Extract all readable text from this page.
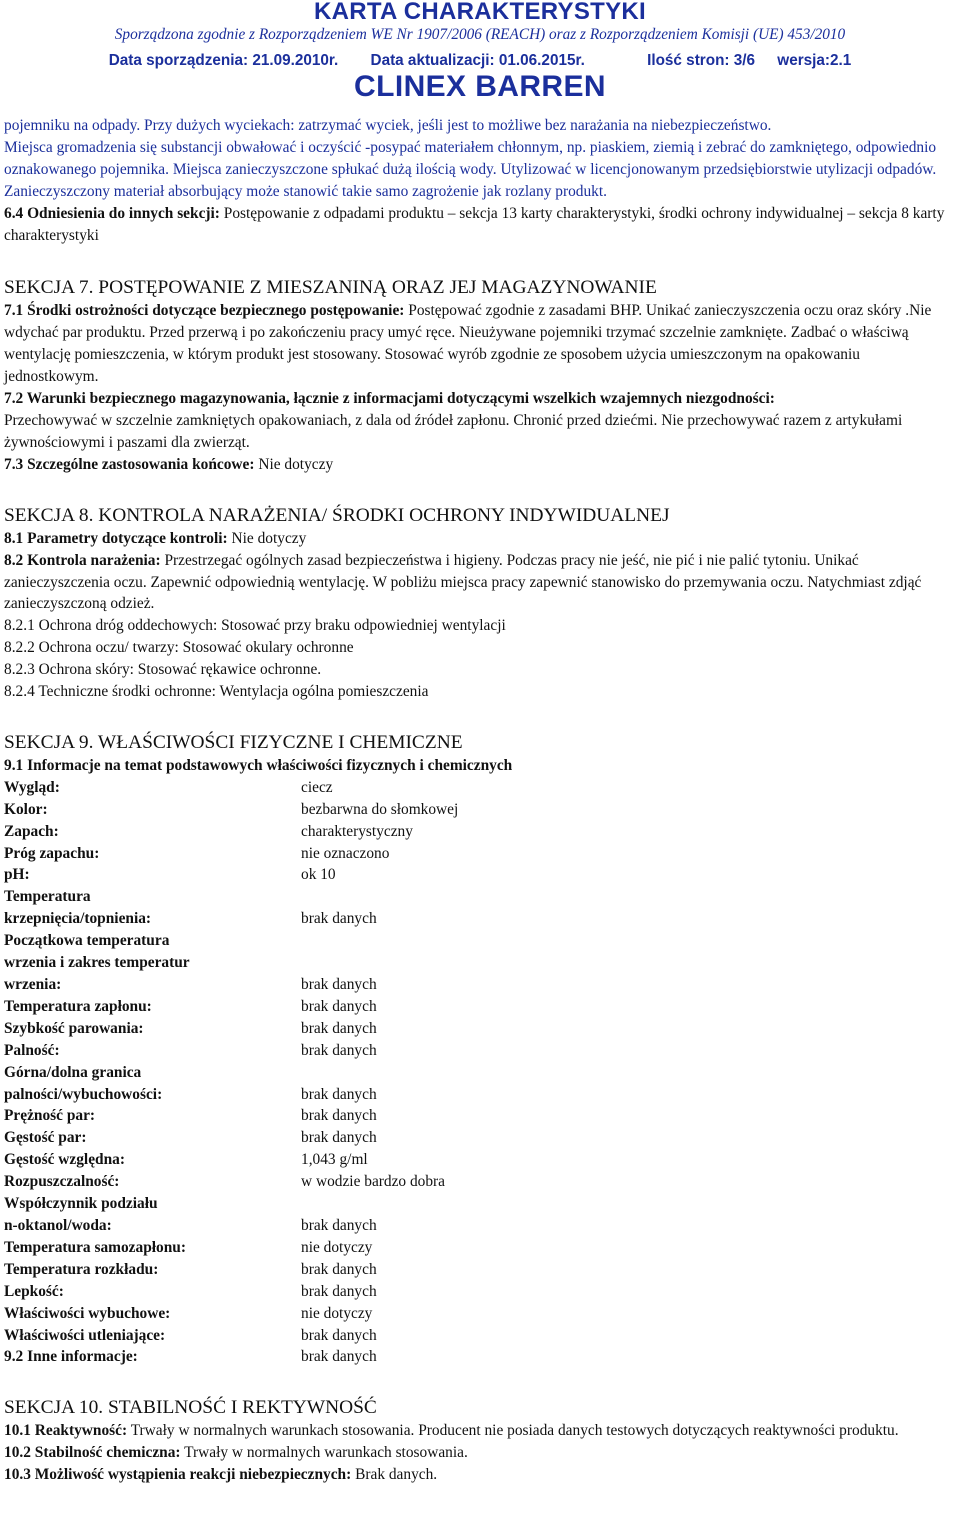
KARTA CHARAKTERYSTYKI
Sporządzona zgodnie z Rozporządzeniem WE Nr 1907/2006 (REACH) oraz z Rozporządzeniem Komisji (UE) 453/2010
Data sporządzenia: 21.09.2010r. Data aktualizacji: 01.06.2015r.	Ilość stron: 3/6 wersja:2.1
CLINEX BARREN

pojemniku na odpady. Przy dużych wyciekach: zatrzymać wyciek, jeśli jest to możliwe bez narażania na niebezpieczeństwo.

Miejsca gromadzenia się substancji obwałować i oczyścić -posypać materiałem chłonnym, np. piaskiem, ziemią i zebrać do zamkniętego, odpowiednio oznakowanego pojemnika. Miejsca zanieczyszczone spłukać dużą ilością wody. Utylizować w licencjonowanym przedsiębiorstwie utylizacji odpadów. Zanieczyszczony materiał absorbujący może stanowić takie samo zagrożenie jak rozlany produkt.

6.4 Odniesienia do innych sekcji: Postępowanie z odpadami produktu – sekcja 13 karty charakterystyki, środki ochrony indywidualnej – sekcja 8 karty charakterystyki

SEKCJA 7. POSTĘPOWANIE Z MIESZANINĄ ORAZ JEJ MAGAZYNOWANIE

7.1 Środki ostrożności dotyczące bezpiecznego postępowanie: Postępować zgodnie z zasadami BHP. Unikać zanieczyszczenia oczu oraz skóry .Nie wdychać par produktu. Przed przerwą i po zakończeniu pracy umyć ręce. Nieużywane pojemniki trzymać szczelnie zamknięte. Zadbać o właściwą wentylację pomieszczenia, w którym produkt jest stosowany. Stosować wyrób zgodnie ze sposobem użycia umieszczonym na opakowaniu jednostkowym.

7.2 Warunki bezpiecznego magazynowania, łącznie z informacjami dotyczącymi wszelkich wzajemnych niezgodności:
Przechowywać w szczelnie zamkniętych opakowaniach, z dala od źródeł zapłonu. Chronić przed dziećmi. Nie przechowywać razem z artykułami żywnościowymi i paszami dla zwierząt.

7.3 Szczególne zastosowania końcowe: Nie dotyczy

SEKCJA 8. KONTROLA NARAŻENIA/ ŚRODKI OCHRONY INDYWIDUALNEJ

8.1 Parametry dotyczące kontroli: Nie dotyczy

8.2 Kontrola narażenia: Przestrzegać ogólnych zasad bezpieczeństwa i higieny. Podczas pracy nie jeść, nie pić i nie palić tytoniu. Unikać zanieczyszczenia oczu. Zapewnić odpowiednią wentylację. W pobliżu miejsca pracy zapewnić stanowisko do przemywania oczu. Natychmiast zdjąć zanieczyszczoną odzież.

8.2.1 Ochrona dróg oddechowych: Stosować przy braku odpowiedniej wentylacji

8.2.2 Ochrona oczu/ twarzy: Stosować okulary ochronne

8.2.3 Ochrona skóry: Stosować rękawice ochronne.

8.2.4 Techniczne środki ochronne: Wentylacja ogólna pomieszczenia

SEKCJA 9. WŁAŚCIWOŚCI FIZYCZNE I CHEMICZNE

9.1 Informacje na temat podstawowych właściwości fizycznych i chemicznych

Wygląd:	ciecz
Kolor:	bezbarwna do słomkowej
Zapach:	charakterystyczny
Próg zapachu:	nie oznaczono
pH:	ok 10
Temperatura
krzepnięcia/topnienia:	brak danych
Początkowa temperatura
wrzenia i zakres temperatur
wrzenia:	brak danych
Temperatura zapłonu:	brak danych
Szybkość parowania:	brak danych
Palność:	brak danych
Górna/dolna granica
palności/wybuchowości:	brak danych
Prężność par:	brak danych
Gęstość par:	brak danych
Gęstość względna:	1,043 g/ml
Rozpuszczalność:	w wodzie bardzo dobra
Współczynnik podziału
n-oktanol/woda:	brak danych
Temperatura samozapłonu:	nie dotyczy
Temperatura rozkładu:	brak danych
Lepkość:	brak danych
Właściwości wybuchowe:	nie dotyczy
Właściwości utleniające:	brak danych
9.2 Inne informacje:	brak danych
SEKCJA 10. STABILNOŚĆ I REKTYWNOŚĆ

10.1 Reaktywność: Trwały w normalnych warunkach stosowania. Producent nie posiada danych testowych dotyczących reaktywności produktu.

10.2 Stabilność chemiczna: Trwały w normalnych warunkach stosowania.

10.3 Możliwość wystąpienia reakcji niebezpiecznych: Brak danych.
